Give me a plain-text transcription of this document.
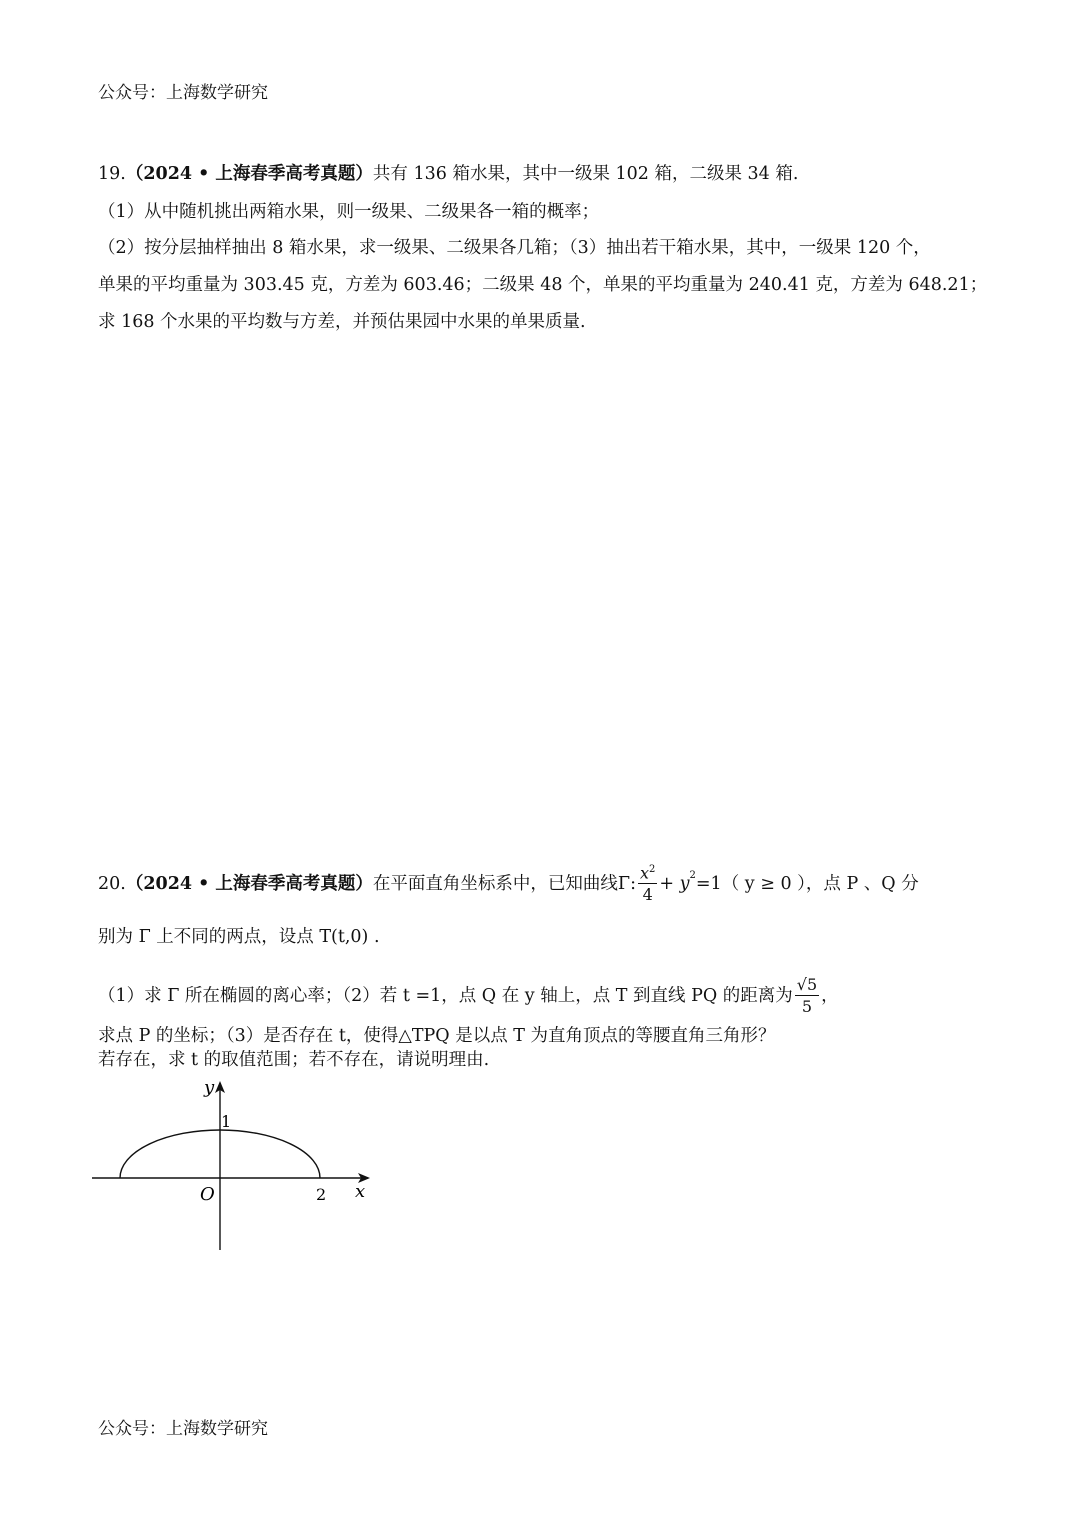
公众号：上海数学研究
19.（2024 • 上海春季高考真题）共有 136 箱水果，其中一级果 102 箱，二级果 34 箱.
（1）从中随机挑出两箱水果，则一级果、二级果各一箱的概率；
（2）按分层抽样抽出 8 箱水果，求一级果、二级果各几箱；（3）抽出若干箱水果，其中，一级果 120 个，
单果的平均重量为 303.45 克，方差为 603.46；二级果 48 个，单果的平均重量为 240.41 克，方差为 648.21；
求 168 个水果的平均数与方差，并预估果园中水果的单果质量.
20. （2024 • 上海春季高考真题） 在平面直角坐标系中，已知曲线 Γ : $\frac{x^2}{4} + y^2 =1$ （ y ≥ 0 ），点 P 、Q 分
别为 Γ 上不同的两点，设点 T(t,0) .
（1）求 Γ 所在椭圆的离心率；（2）若 t =1，点 Q 在 y 轴上，点 T 到直线 PQ 的距离为 $\frac{√5}{5}$ ，
求点 P 的坐标；（3）是否存在 t，使得△TPQ 是以点 T 为直角顶点的等腰直角三角形？
若存在，求 t 的取值范围；若不存在，请说明理由.
y
x
O
1
2
公众号：上海数学研究
